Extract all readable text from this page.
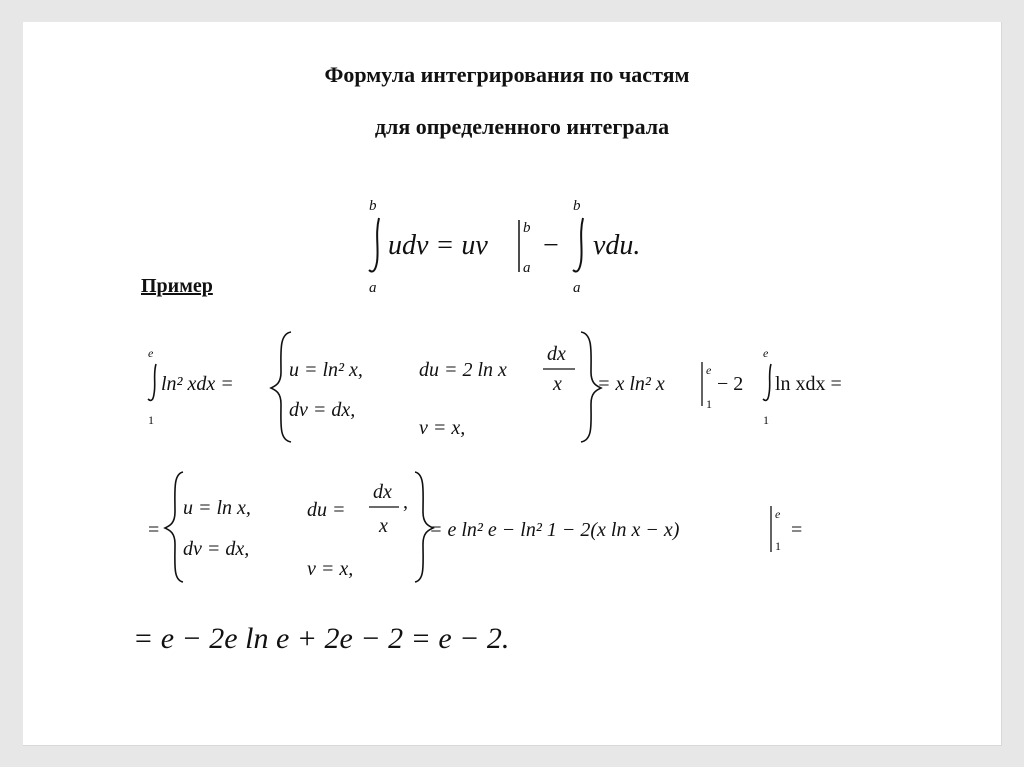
Формула интегрирования по частям
для определенного интеграла
Пример
b
a
udv = uv
b
a
−
b
a
vdu.
e
1
ln² xdx =
u = ln² x,	du = 2 ln x
dx
x
dv = dx,
v = x,
= x ln² x
e
1
− 2
e
1
ln xdx =
=
u = ln x,	du =
dx
x
,
dv = dx,
v = x,
= e ln² e − ln² 1 − 2(x ln x − x)
e
1
=
= e − 2e ln e + 2e − 2 = e − 2.
